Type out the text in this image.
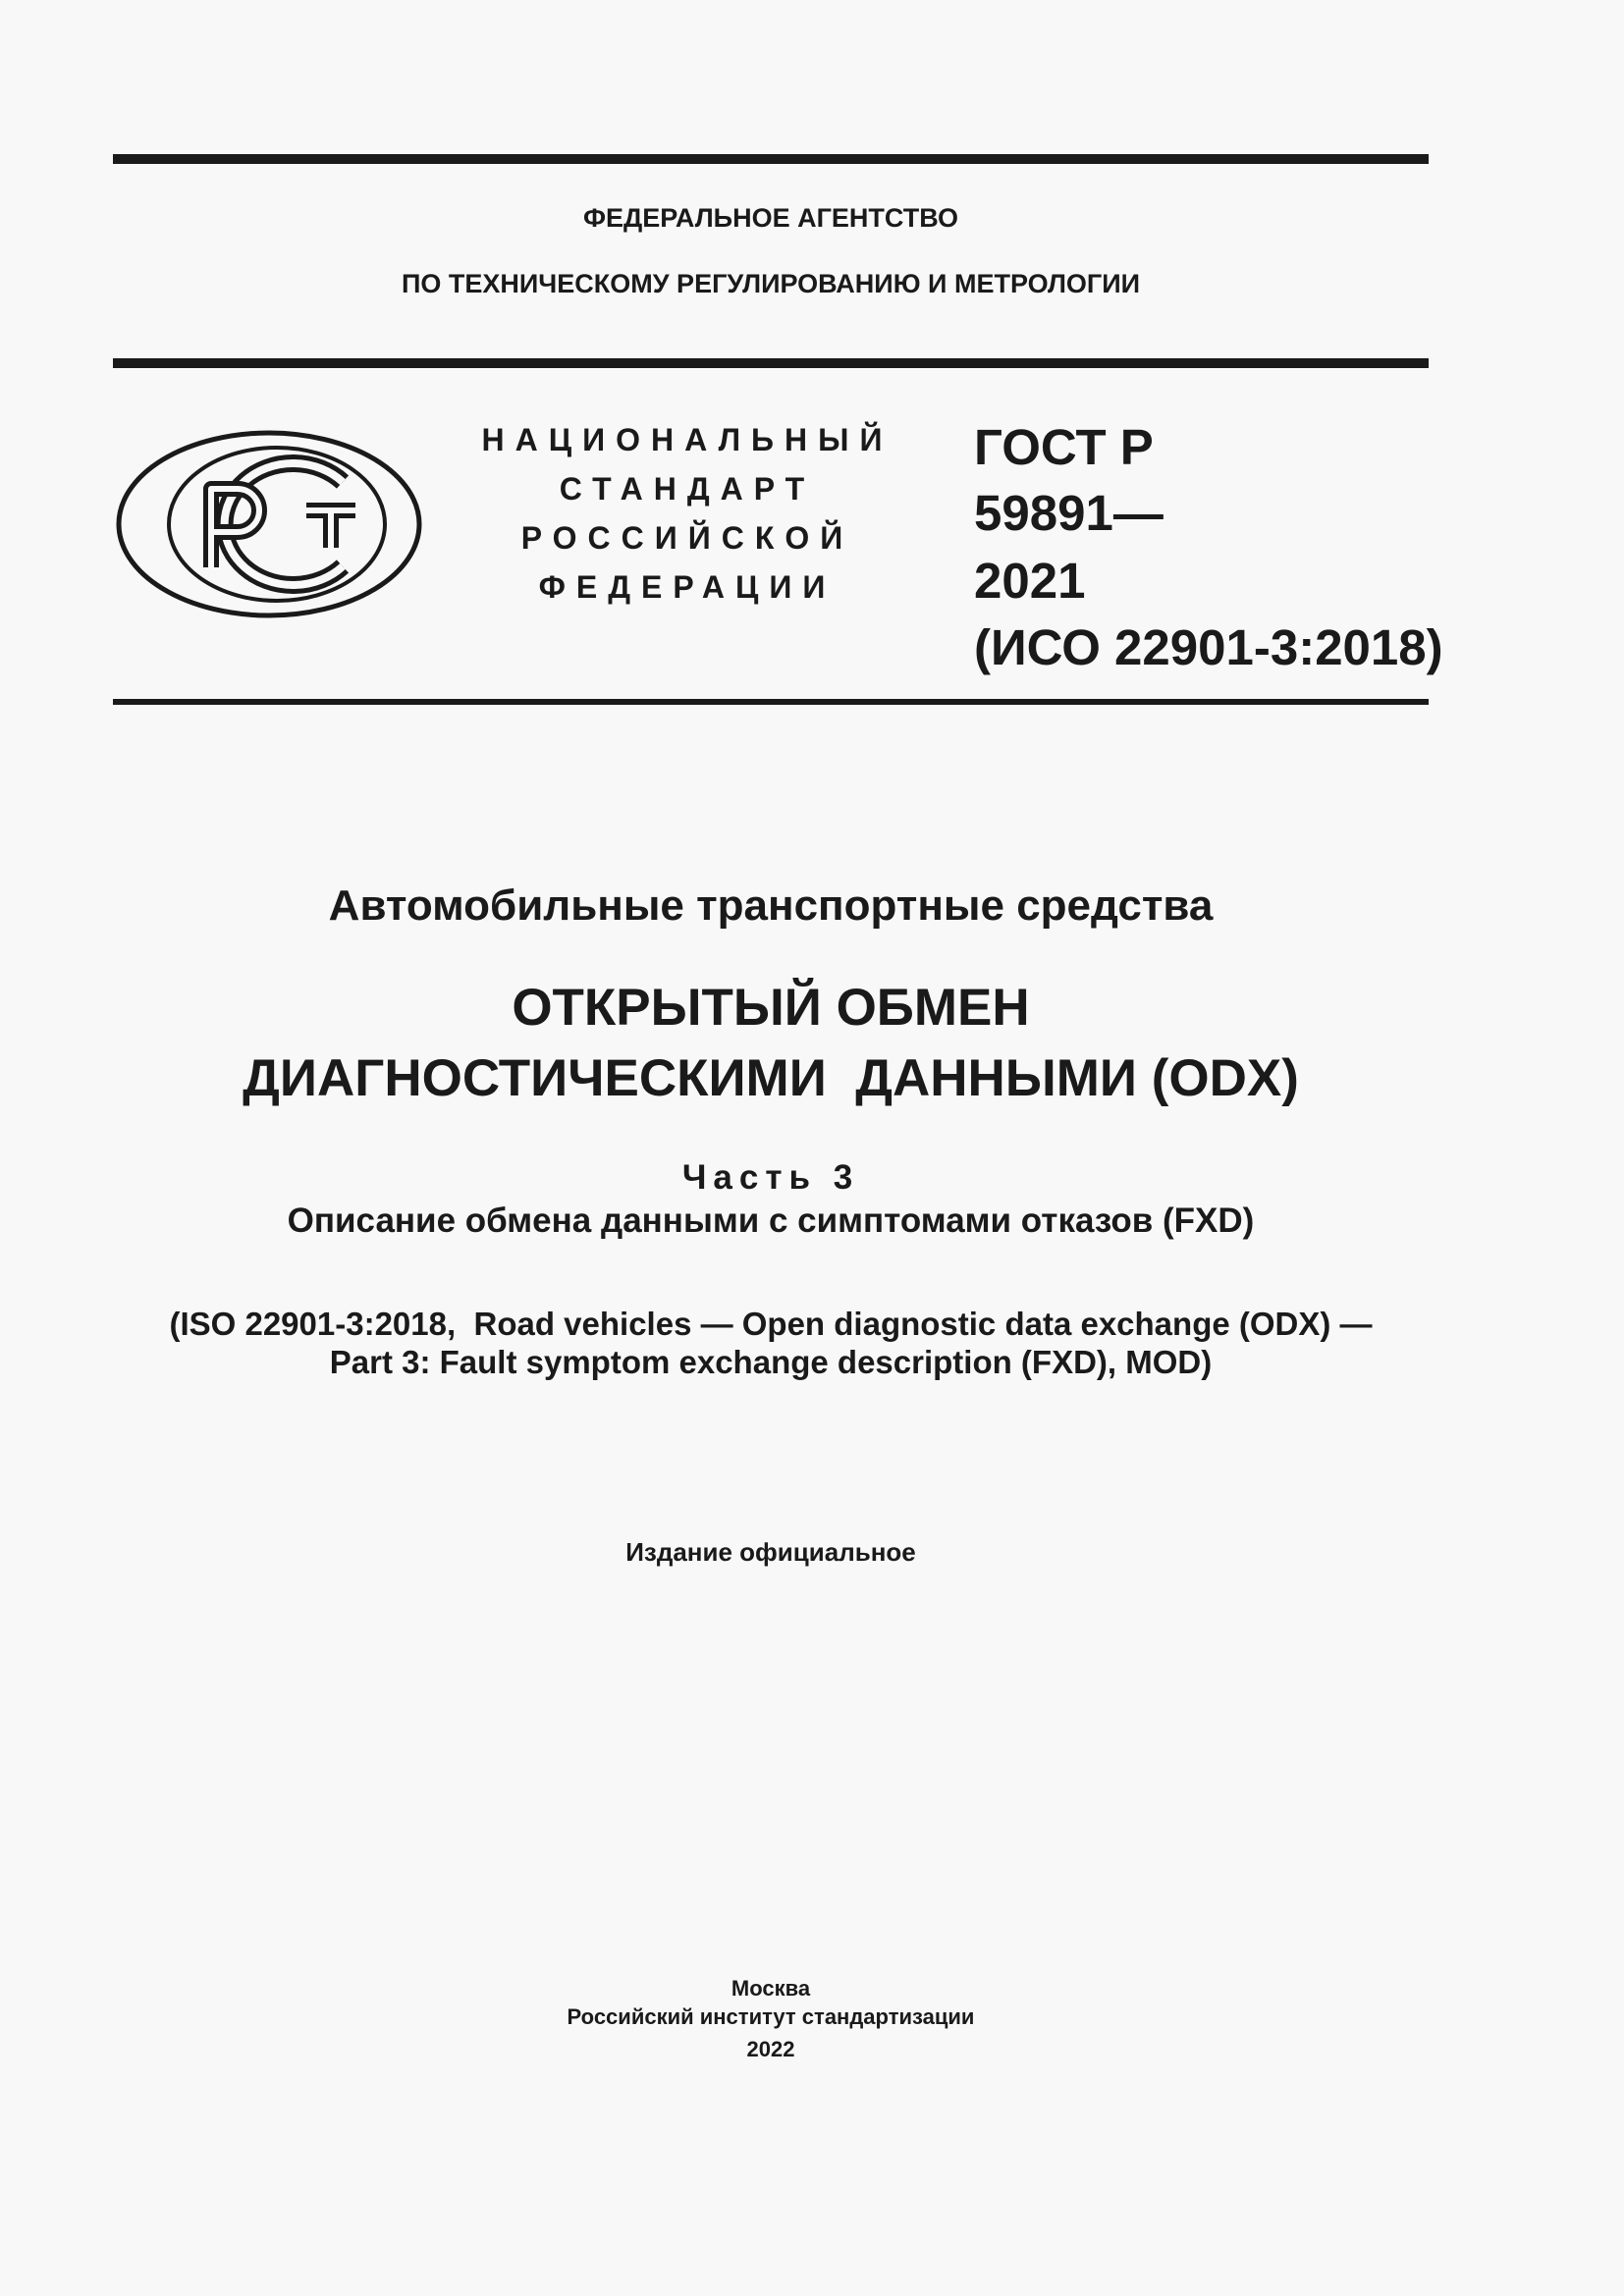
ФЕДЕРАЛЬНОЕ АГЕНТСТВО
ПО ТЕХНИЧЕСКОМУ РЕГУЛИРОВАНИЮ И МЕТРОЛОГИИ
НАЦИОНАЛЬНЫЙ
СТАНДАРТ
РОССИЙСКОЙ
ФЕДЕРАЦИИ
ГОСТ Р
59891—
2021
(ИСО 22901-3:2018)
Автомобильные транспортные средства
ОТКРЫТЫЙ ОБМЕН
ДИАГНОСТИЧЕСКИМИ  ДАННЫМИ (ODX)
Часть 3
Описание обмена данными с симптомами отказов (FXD)
(ISO 22901-3:2018,  Road vehicles — Open diagnostic data exchange (ODX) —
Part 3: Fault symptom exchange description (FXD), MOD)
Издание официальное
Москва
Российский институт стандартизации
2022
